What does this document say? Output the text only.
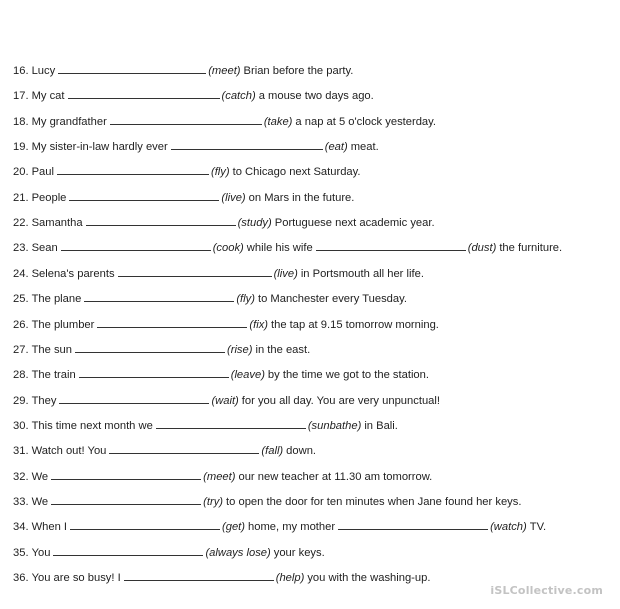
16. Lucy	(meet) Brian before the party.
17. My cat	(catch) a mouse two days ago.
18. My grandfather	(take) a nap at 5 o'clock yesterday.
19. My sister-in-law hardly ever	(eat) meat.
20. Paul	(fly) to Chicago next Saturday.
21. People	(live) on Mars in the future.
22. Samantha	(study) Portuguese next academic year.
23. Sean	(cook) while his wife	(dust) the furniture.
24. Selena's parents	(live) in Portsmouth all her life.
25. The plane	(fly) to Manchester every Tuesday.
26. The plumber	(fix) the tap at 9.15 tomorrow morning.
27. The sun	(rise) in the east.
28. The train	(leave) by the time we got to the station.
29. They	(wait) for you all day. You are very unpunctual!
30. This time next month we	(sunbathe) in Bali.
31. Watch out! You	(fall) down.
32. We	(meet) our new teacher at 11.30 am tomorrow.
33. We	(try) to open the door for ten minutes when Jane found her keys.
34. When I	(get) home, my mother	(watch) TV.
35. You	(always lose) your keys.
36. You are so busy! I	(help) you with the washing-up.
iSLCollective.com
